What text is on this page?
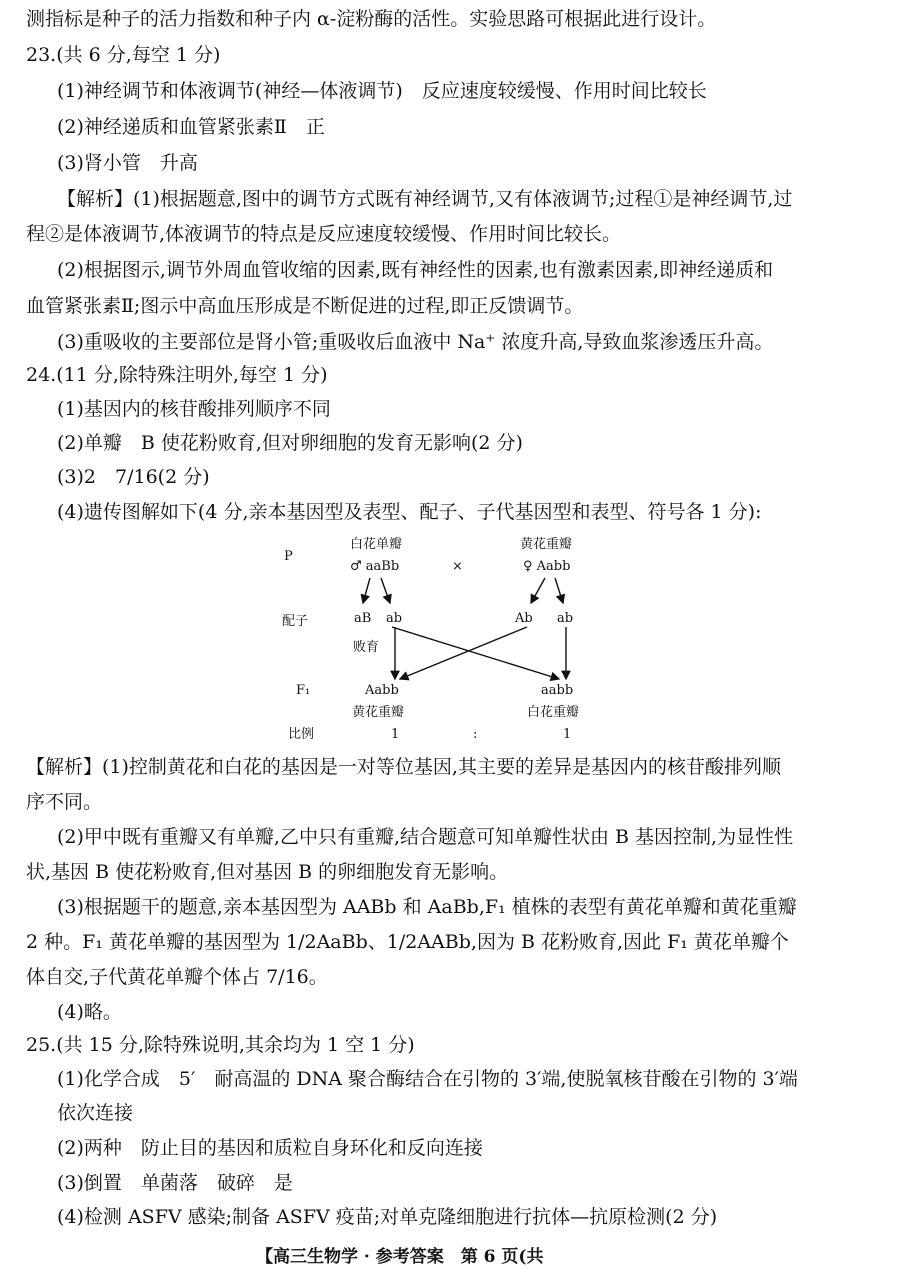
测指标是种子的活力指数和种子内 α-淀粉酶的活性。实验思路可根据此进行设计。
23.(共 6 分,每空 1 分)
(1)神经调节和体液调节(神经—体液调节)　反应速度较缓慢、作用时间比较长
(2)神经递质和血管紧张素Ⅱ　正
(3)肾小管　升高
【解析】(1)根据题意,图中的调节方式既有神经调节,又有体液调节;过程①是神经调节,过
程②是体液调节,体液调节的特点是反应速度较缓慢、作用时间比较长。
(2)根据图示,调节外周血管收缩的因素,既有神经性的因素,也有激素因素,即神经递质和
血管紧张素Ⅱ;图示中高血压形成是不断促进的过程,即正反馈调节。
(3)重吸收的主要部位是肾小管;重吸收后血液中 Na⁺ 浓度升高,导致血浆渗透压升高。
24.(11 分,除特殊注明外,每空 1 分)
(1)基因内的核苷酸排列顺序不同
(2)单瓣　B 使花粉败育,但对卵细胞的发育无影响(2 分)
(3)2　7/16(2 分)
(4)遗传图解如下(4 分,亲本基因型及表型、配子、子代基因型和表型、符号各 1 分):
P
白花单瓣
♂ aaBb	×
黄花重瓣
♀ Aabb
配子	aB ab	Ab ab
败育
F₁	Aabb	aabb
黄花重瓣	白花重瓣
比例	1	:	1
【解析】(1)控制黄花和白花的基因是一对等位基因,其主要的差异是基因内的核苷酸排列顺
序不同。
(2)甲中既有重瓣又有单瓣,乙中只有重瓣,结合题意可知单瓣性状由 B 基因控制,为显性性
状,基因 B 使花粉败育,但对基因 B 的卵细胞发育无影响。
(3)根据题干的题意,亲本基因型为 AABb 和 AaBb,F₁ 植株的表型有黄花单瓣和黄花重瓣
2 种。F₁ 黄花单瓣的基因型为 1/2AaBb、1/2AABb,因为 B 花粉败育,因此 F₁ 黄花单瓣个
体自交,子代黄花单瓣个体占 7/16。
(4)略。
25.(共 15 分,除特殊说明,其余均为 1 空 1 分)
(1)化学合成　5′　耐高温的 DNA 聚合酶结合在引物的 3′端,使脱氧核苷酸在引物的 3′端
依次连接
(2)两种　防止目的基因和质粒自身环化和反向连接
(3)倒置　单菌落　破碎　是
(4)检测 ASFV 感染;制备 ASFV 疫苗;对单克隆细胞进行抗体—抗原检测(2 分)
【高三生物学 · 参考答案　第 6 页(共
